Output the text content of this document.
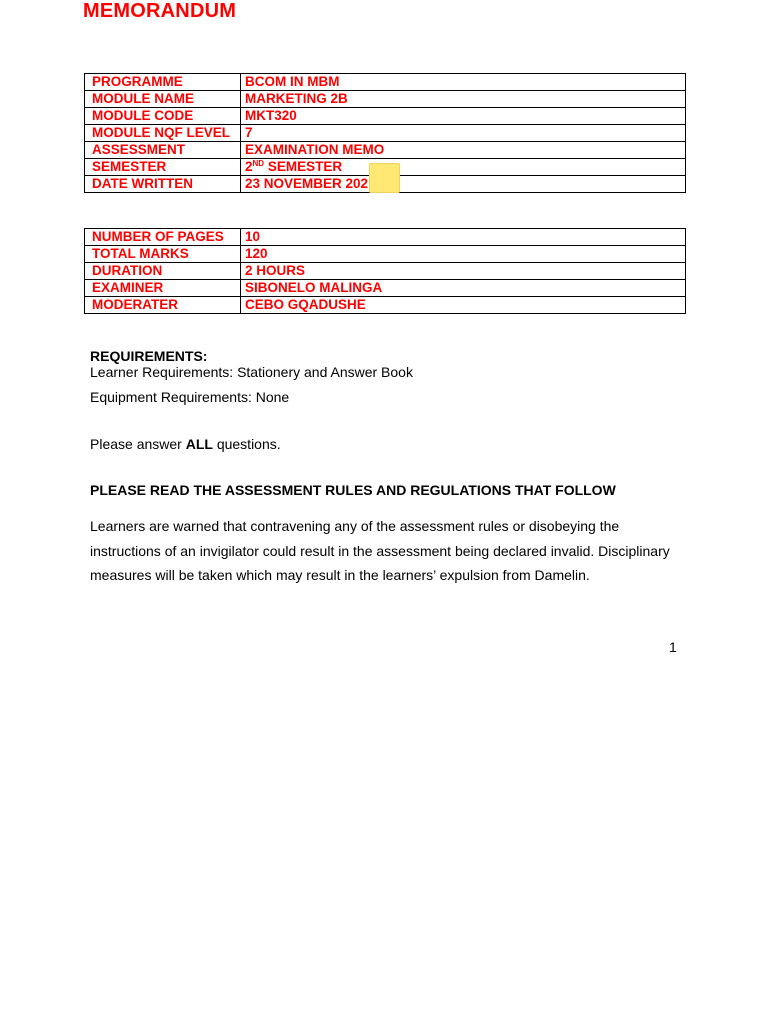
MEMORANDUM
PROGRAMME	BCOM IN MBM
MODULE NAME	MARKETING 2B
MODULE CODE	MKT320
MODULE NQF LEVEL	7
ASSESSMENT	EXAMINATION MEMO
SEMESTER	2ND SEMESTER
DATE WRITTEN	23 NOVEMBER 202
NUMBER OF PAGES	10
TOTAL MARKS	120
DURATION	2 HOURS
EXAMINER	SIBONELO MALINGA
MODERATER	CEBO GQADUSHE
REQUIREMENTS:
Learner Requirements: Stationery and Answer Book
Equipment Requirements: None
Please answer ALL questions.
PLEASE READ THE ASSESSMENT RULES AND REGULATIONS THAT FOLLOW
Learners are warned that contravening any of the assessment rules or disobeying the instructions of an invigilator could result in the assessment being declared invalid. Disciplinary measures will be taken which may result in the learners’ expulsion from Damelin.
1
